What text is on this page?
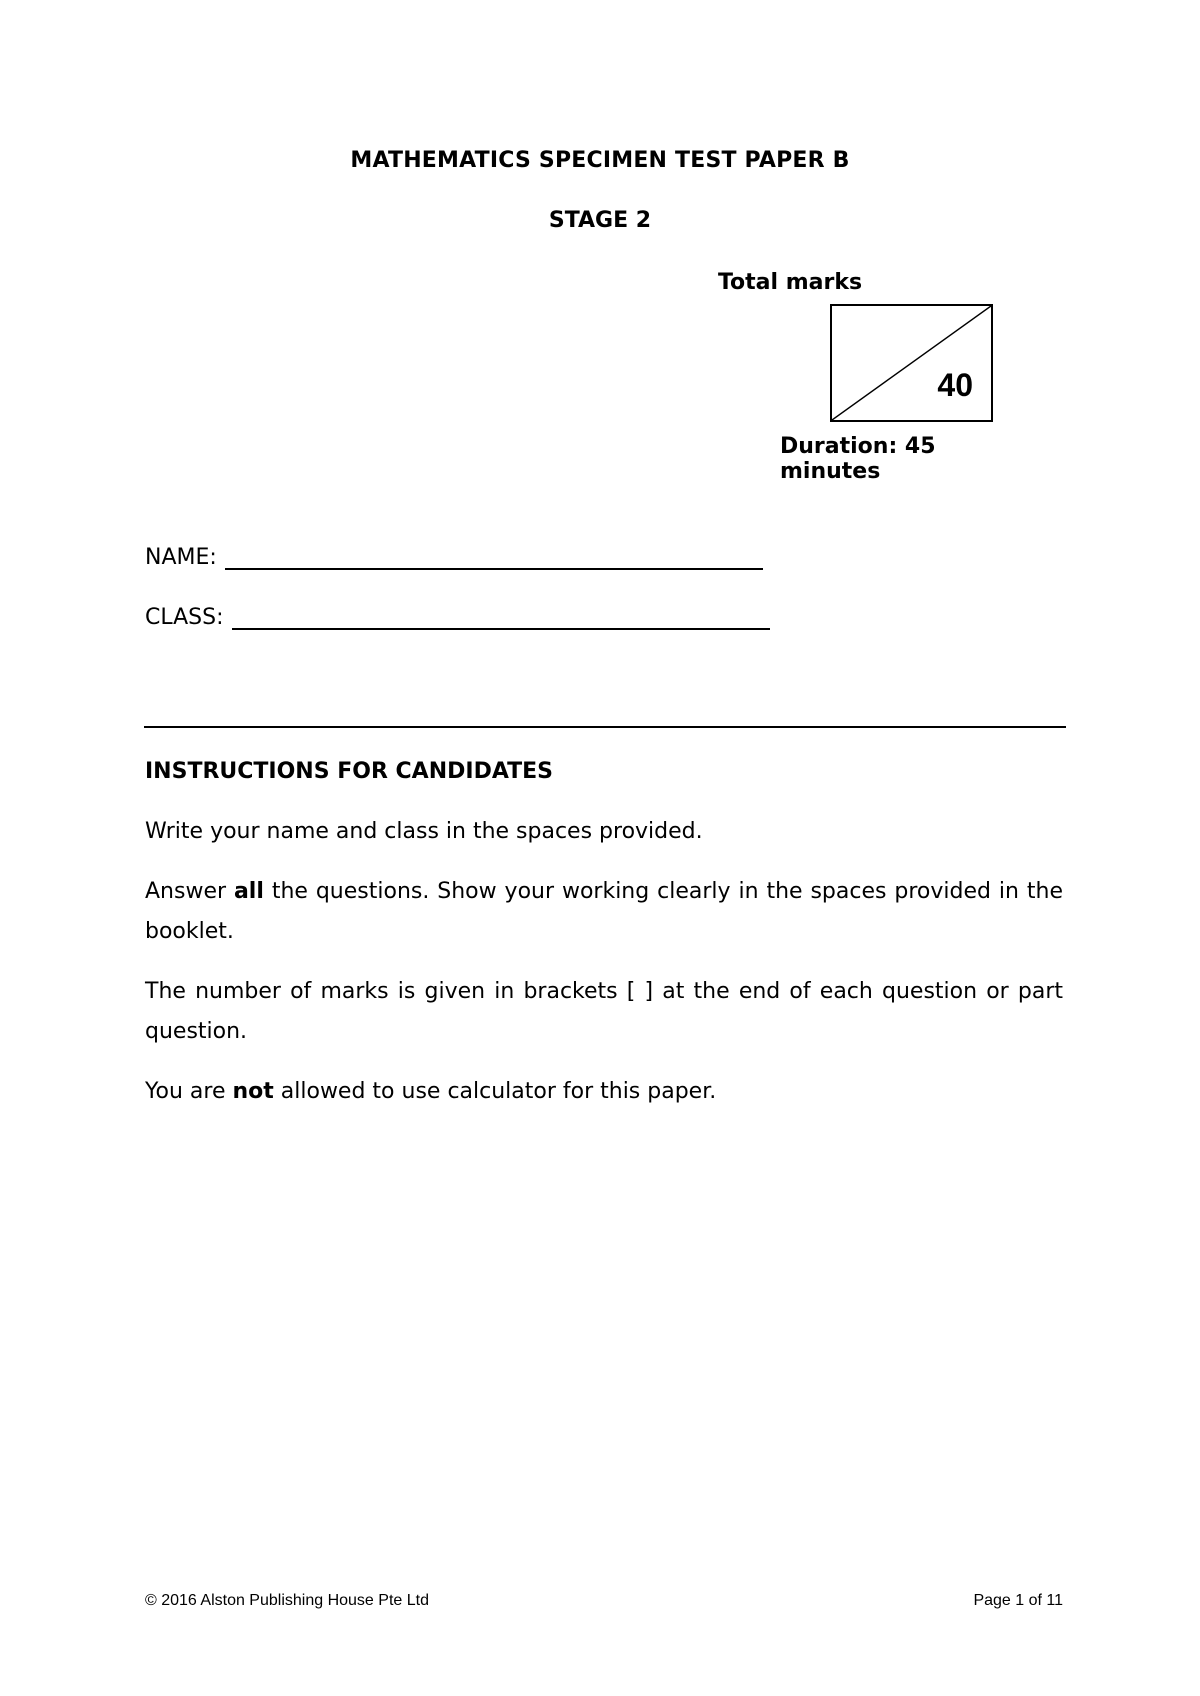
MATHEMATICS SPECIMEN TEST PAPER B
STAGE 2
Total marks
40
Duration: 45 minutes
NAME:
CLASS:

INSTRUCTIONS FOR CANDIDATES

Write your name and class in the spaces provided.

Answer all the questions. Show your working clearly in the spaces provided in the booklet.

The number of marks is given in brackets [ ] at the end of each question or part question.

You are not allowed to use calculator for this paper.

© 2016 Alston Publishing House Pte Ltd	Page 1 of 11
